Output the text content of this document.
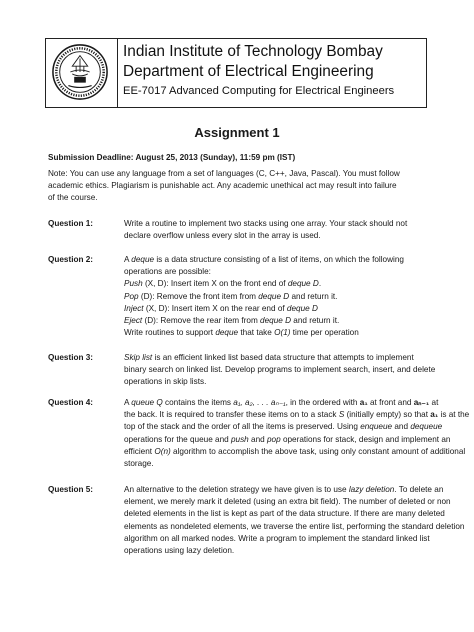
Indian Institute of Technology Bombay
Department of Electrical Engineering
EE-7017 Advanced Computing for Electrical Engineers
Assignment 1
Submission Deadline: August 25, 2013 (Sunday), 11:59 pm (IST)
Note: You can use any language from a set of languages (C, C++, Java, Pascal). You must follow
academic ethics. Plagiarism is punishable act. Any academic unethical act may result into failure
of the course.
Question 1:	Write a routine to implement two stacks using one array. Your stack should not
declare overflow unless every slot in the array is used.
Question 2:	A deque is a data structure consisting of a list of items, on which the following
operations are possible:
Push (X, D): Insert item X on the front end of deque D.
Pop (D): Remove the front item from deque D and return it.
Inject (X, D): Insert item X on the rear end of deque D
Eject (D): Remove the rear item from deque D and return it.
Write routines to support deque that take O(1) time per operation
Question 3:	Skip list is an efficient linked list based data structure that attempts to implement
binary search on linked list. Develop programs to implement search, insert, and delete
operations in skip lists.
Question 4:	A queue Q contains the items a₁, a₂, . . . aₙ₋₁, in the ordered with a₁ at front and aₙ₋₁ at
the back. It is required to transfer these items on to a stack S (initially empty) so that a₁ is at the
top of the stack and the order of all the items is preserved. Using enqueue and dequeue
operations for the queue and push and pop operations for stack, design and implement an
efficient O(n) algorithm to accomplish the above task, using only constant amount of additional
storage.
Question 5:	An alternative to the deletion strategy we have given is to use lazy deletion. To delete an
element, we merely mark it deleted (using an extra bit field). The number of deleted or non
deleted elements in the list is kept as part of the data structure. If there are many deleted
elements as nondeleted elements, we traverse the entire list, performing the standard deletion
algorithm on all marked nodes. Write a program to implement the standard linked list
operations using lazy deletion.
